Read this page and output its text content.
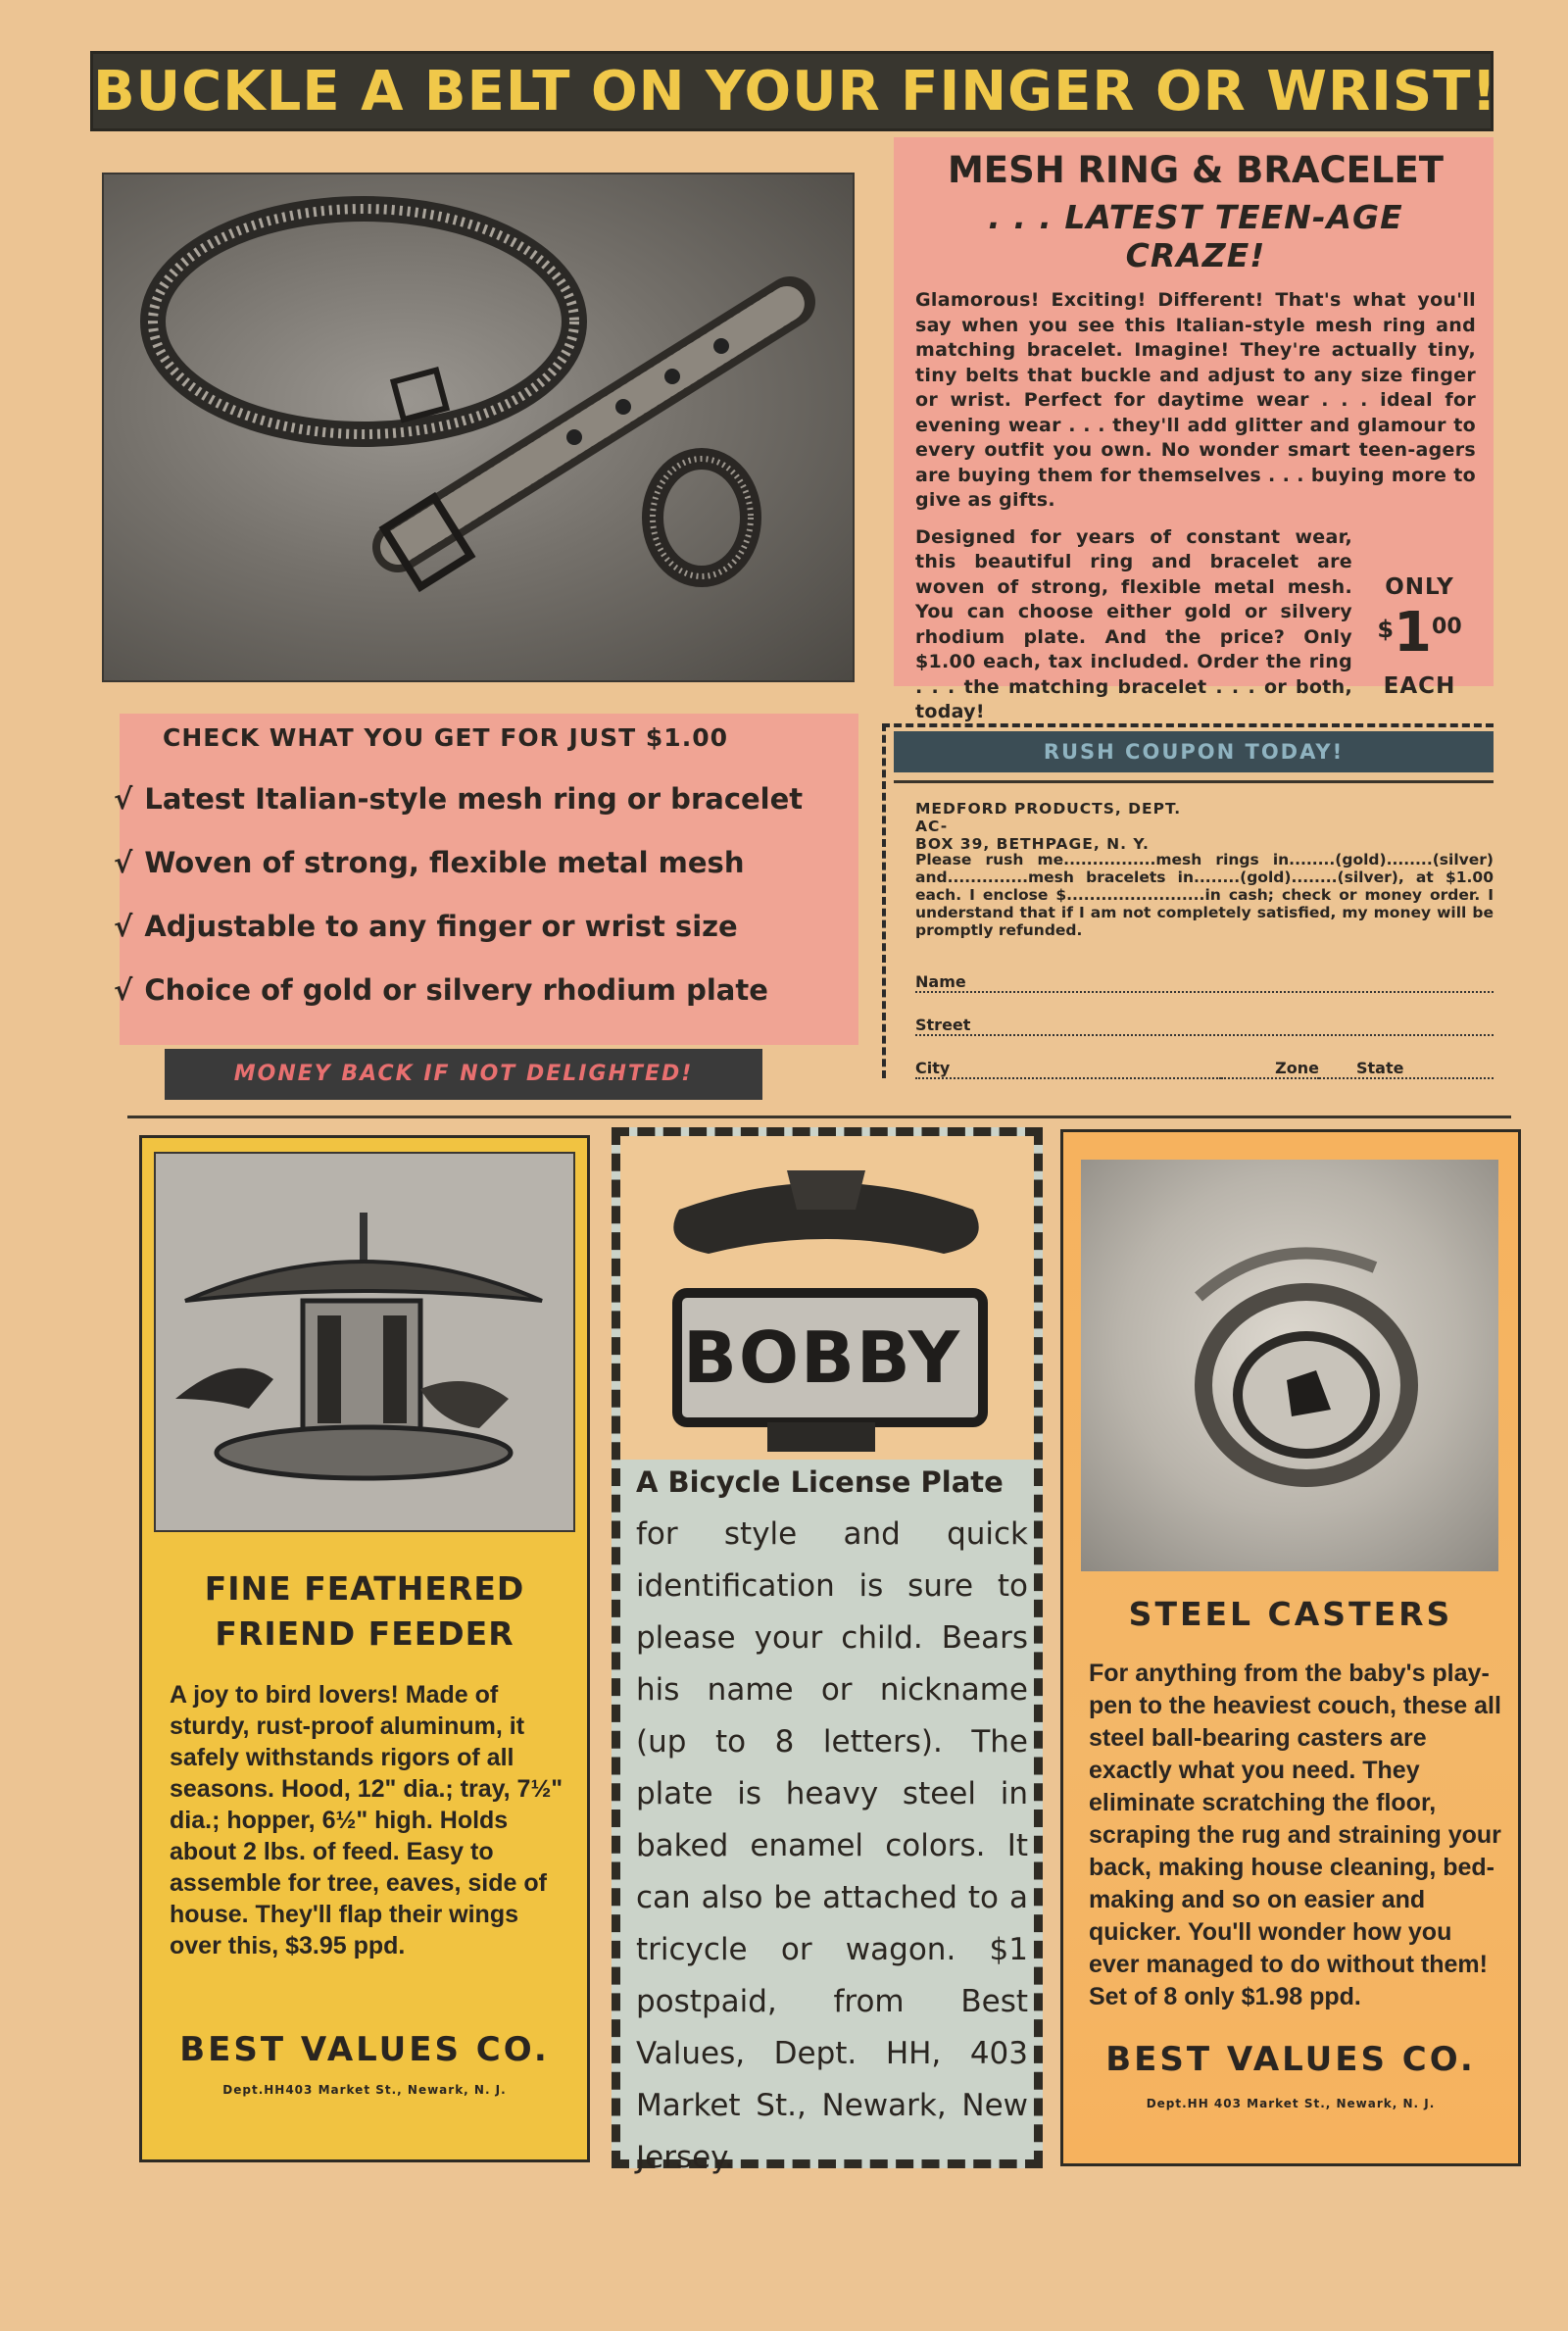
BUCKLE A BELT ON YOUR FINGER OR WRIST!
MESH RING & BRACELET
. . . LATEST TEEN-AGE CRAZE!

Glamorous! Exciting! Different! That's what you'll say when you see this Italian-style mesh ring and matching bracelet. Imagine! They're actually tiny, tiny belts that buckle and adjust to any size finger or wrist. Perfect for daytime wear . . . ideal for evening wear . . . they'll add glitter and glamour to every outfit you own. No wonder smart teen-agers are buying them for themselves . . . buying more to give as gifts.

Designed for years of constant wear, this beautiful ring and bracelet are woven of strong, flexible metal mesh. You can choose either gold or silvery rhodium plate. And the price? Only $1.00 each, tax included. Order the ring . . . the matching bracelet . . . or both, today!

ONLY
$100
EACH
CHECK WHAT YOU GET FOR JUST $1.00
√ Latest Italian-style mesh ring or bracelet
√ Woven of strong, flexible metal mesh
√ Adjustable to any finger or wrist size
√ Choice of gold or silvery rhodium plate
MONEY BACK IF NOT DELIGHTED!
RUSH COUPON TODAY!
MEDFORD PRODUCTS, DEPT. AC-
BOX 39, BETHPAGE, N. Y.
Please rush me................mesh rings in........(gold)........(silver) and..............mesh bracelets in........(gold)........(silver), at $1.00 each. I enclose $........................in cash; check or money order. I understand that if I am not completely satisfied, my money will be promptly refunded.
Name
Street
City	Zone	State
FINE FEATHERED
FRIEND FEEDER

A joy to bird lovers! Made of sturdy, rust-proof aluminum, it safely withstands rigors of all seasons. Hood, 12" dia.; tray, 7½" dia.; hopper, 6½" high. Holds about 2 lbs. of feed. Easy to assemble for tree, eaves, side of house. They'll flap their wings over this, $3.95 ppd.

BEST VALUES CO.
Dept.HH403 Market St., Newark, N. J.
BOBBY
A Bicycle License Plate

for style and quick identification is sure to please your child. Bears his name or nickname (up to 8 letters). The plate is heavy steel in baked enamel colors. It can also be attached to a tricycle or wagon. $1 postpaid, from Best Values, Dept. HH, 403 Market St., Newark, New Jersey.

STEEL CASTERS

For anything from the baby's play-pen to the heaviest couch, these all steel ball-bearing casters are exactly what you need. They eliminate scratching the floor, scraping the rug and straining your back, making house cleaning, bed-making and so on easier and quicker. You'll wonder how you ever managed to do without them! Set of 8 only $1.98 ppd.

BEST VALUES CO.
Dept.HH 403 Market St., Newark, N. J.
